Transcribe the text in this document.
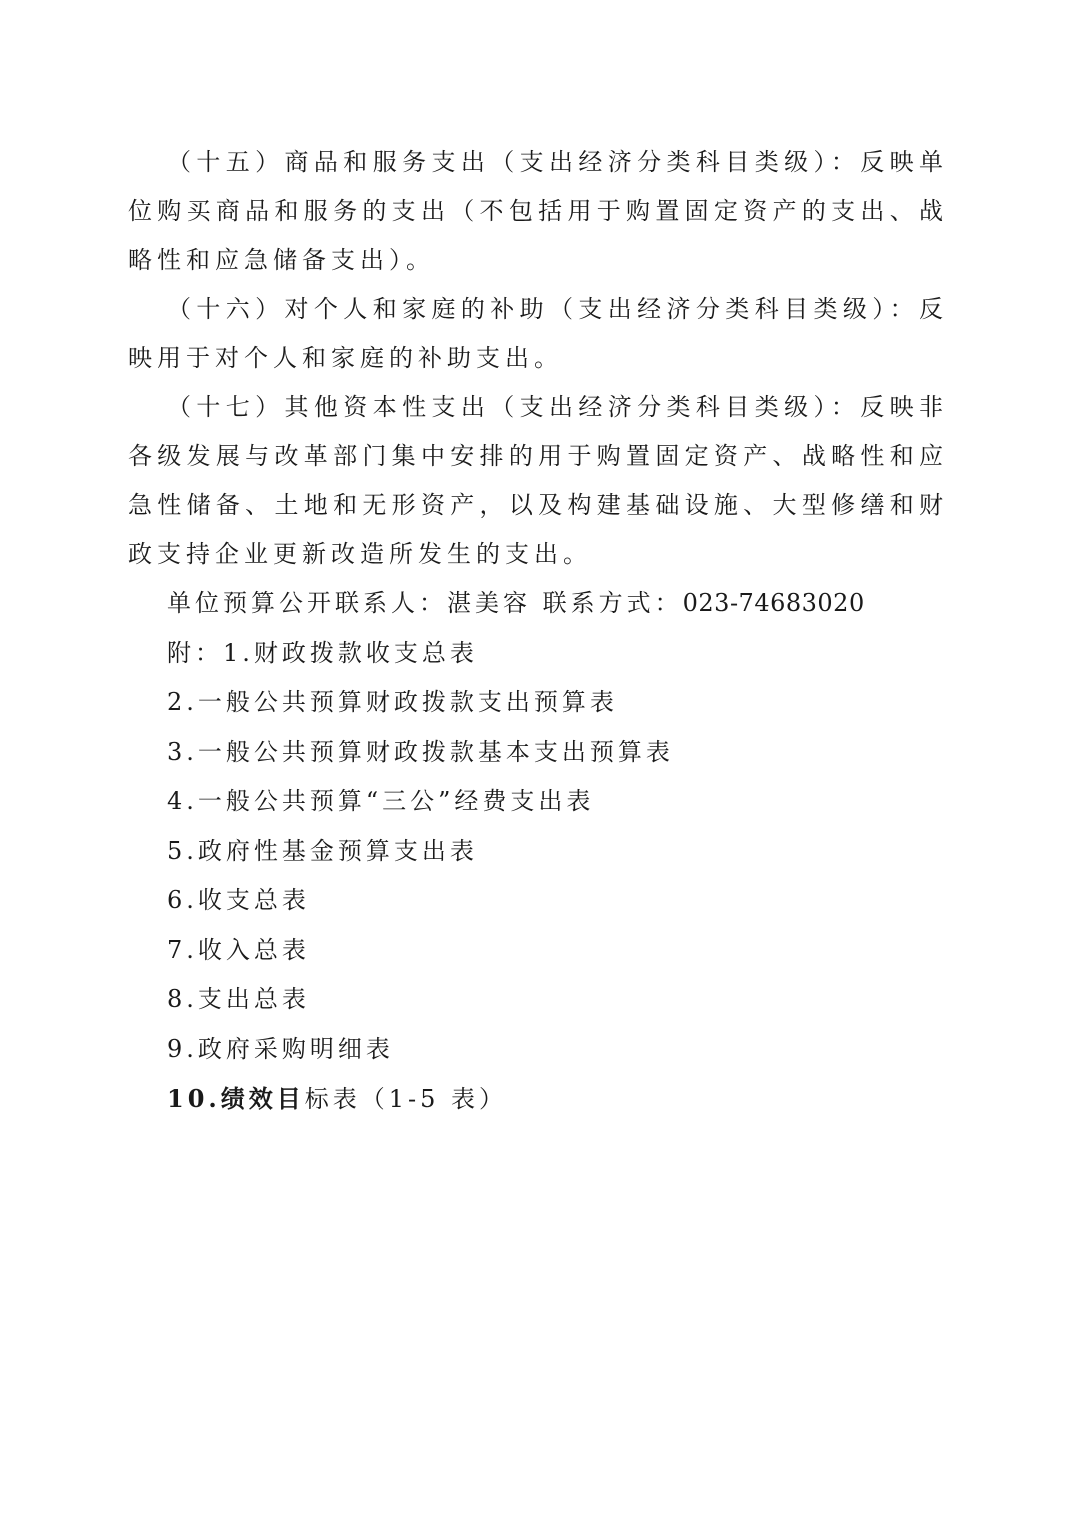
（十五）商品和服务支出（支出经济分类科目类级）：反映单位购买商品和服务的支出（不包括用于购置固定资产的支出、战略性和应急储备支出）。

（十六）对个人和家庭的补助（支出经济分类科目类级）：反映用于对个人和家庭的补助支出。

（十七）其他资本性支出（支出经济分类科目类级）：反映非各级发展与改革部门集中安排的用于购置固定资产、战略性和应急性储备、土地和无形资产，以及构建基础设施、大型修缮和财政支持企业更新改造所发生的支出。

单位预算公开联系人：湛美容 联系方式：023-74683020

附：1.财政拨款收支总表

2.一般公共预算财政拨款支出预算表

3.一般公共预算财政拨款基本支出预算表

4.一般公共预算“三公”经费支出表

5.政府性基金预算支出表

6.收支总表

7.收入总表

8.支出总表

9.政府采购明细表

10.绩效目标表（1-5 表）
